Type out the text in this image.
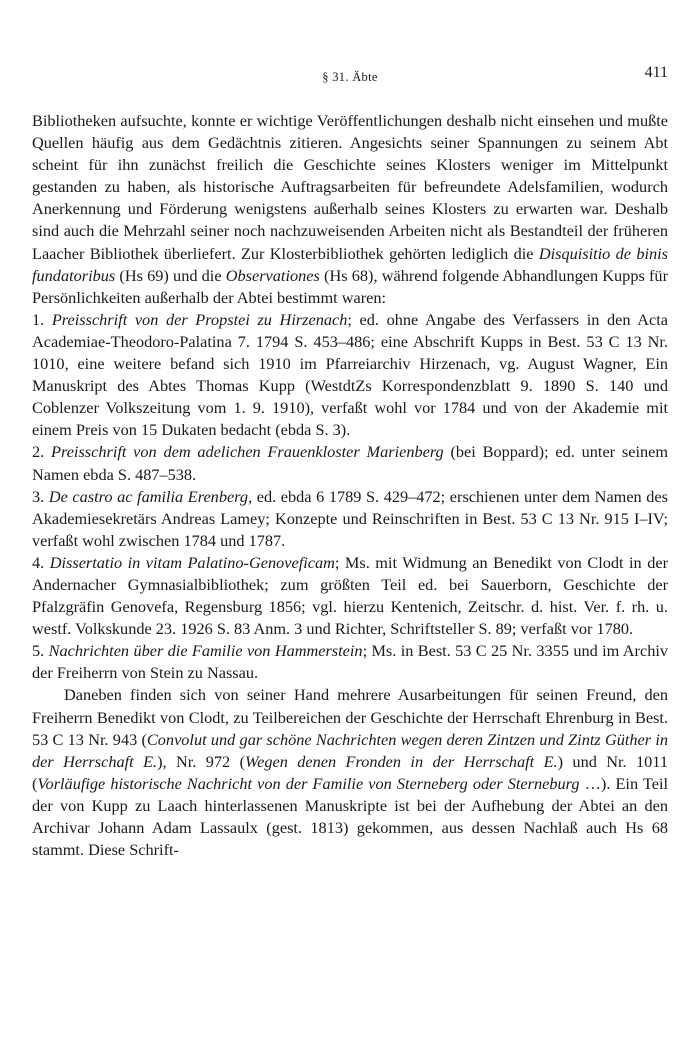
§ 31. Äbte	411

Bibliotheken aufsuchte, konnte er wichtige Veröffentlichungen deshalb nicht einsehen und mußte Quellen häufig aus dem Gedächtnis zitieren. Angesichts seiner Spannungen zu seinem Abt scheint für ihn zunächst freilich die Geschichte seines Klosters weniger im Mittelpunkt gestanden zu haben, als historische Auftragsarbeiten für befreundete Adelsfamilien, wodurch Anerkennung und Förderung wenigstens außerhalb seines Klosters zu erwarten war. Deshalb sind auch die Mehrzahl seiner noch nachzuweisenden Arbeiten nicht als Bestandteil der früheren Laacher Bibliothek überliefert. Zur Klosterbibliothek gehörten lediglich die Disquisitio de binis fundatoribus (Hs 69) und die Observationes (Hs 68), während folgende Abhandlungen Kupps für Persönlichkeiten außerhalb der Abtei bestimmt waren:

1. Preisschrift von der Propstei zu Hirzenach; ed. ohne Angabe des Verfassers in den Acta Academiae-Theodoro-Palatina 7. 1794 S. 453–486; eine Abschrift Kupps in Best. 53 C 13 Nr. 1010, eine weitere befand sich 1910 im Pfarreiarchiv Hirzenach, vg. August Wagner, Ein Manuskript des Abtes Thomas Kupp (WestdtZs Korrespondenzblatt 9. 1890 S. 140 und Coblenzer Volkszeitung vom 1. 9. 1910), verfaßt wohl vor 1784 und von der Akademie mit einem Preis von 15 Dukaten bedacht (ebda S. 3).

2. Preisschrift von dem adelichen Frauenkloster Marienberg (bei Boppard); ed. unter seinem Namen ebda S. 487–538.

3. De castro ac familia Erenberg, ed. ebda 6 1789 S. 429–472; erschienen unter dem Namen des Akademiesekretärs Andreas Lamey; Konzepte und Reinschriften in Best. 53 C 13 Nr. 915 I–IV; verfaßt wohl zwischen 1784 und 1787.

4. Dissertatio in vitam Palatino-Genoveficam; Ms. mit Widmung an Benedikt von Clodt in der Andernacher Gymnasialbibliothek; zum größten Teil ed. bei Sauerborn, Geschichte der Pfalzgräfin Genovefa, Regensburg 1856; vgl. hierzu Kentenich, Zeitschr. d. hist. Ver. f. rh. u. westf. Volkskunde 23. 1926 S. 83 Anm. 3 und Richter, Schriftsteller S. 89; verfaßt vor 1780.

5. Nachrichten über die Familie von Hammerstein; Ms. in Best. 53 C 25 Nr. 3355 und im Archiv der Freiherrn von Stein zu Nassau.

Daneben finden sich von seiner Hand mehrere Ausarbeitungen für seinen Freund, den Freiherrn Benedikt von Clodt, zu Teilbereichen der Geschichte der Herrschaft Ehrenburg in Best. 53 C 13 Nr. 943 (Convolut und gar schöne Nachrichten wegen deren Zintzen und Zintz Güther in der Herrschaft E.), Nr. 972 (Wegen denen Fronden in der Herrschaft E.) und Nr. 1011 (Vorläufige historische Nachricht von der Familie von Sterneberg oder Sterneburg …). Ein Teil der von Kupp zu Laach hinterlassenen Manuskripte ist bei der Aufhebung der Abtei an den Archivar Johann Adam Lassaulx (gest. 1813) gekommen, aus dessen Nachlaß auch Hs 68 stammt. Diese Schrift-
